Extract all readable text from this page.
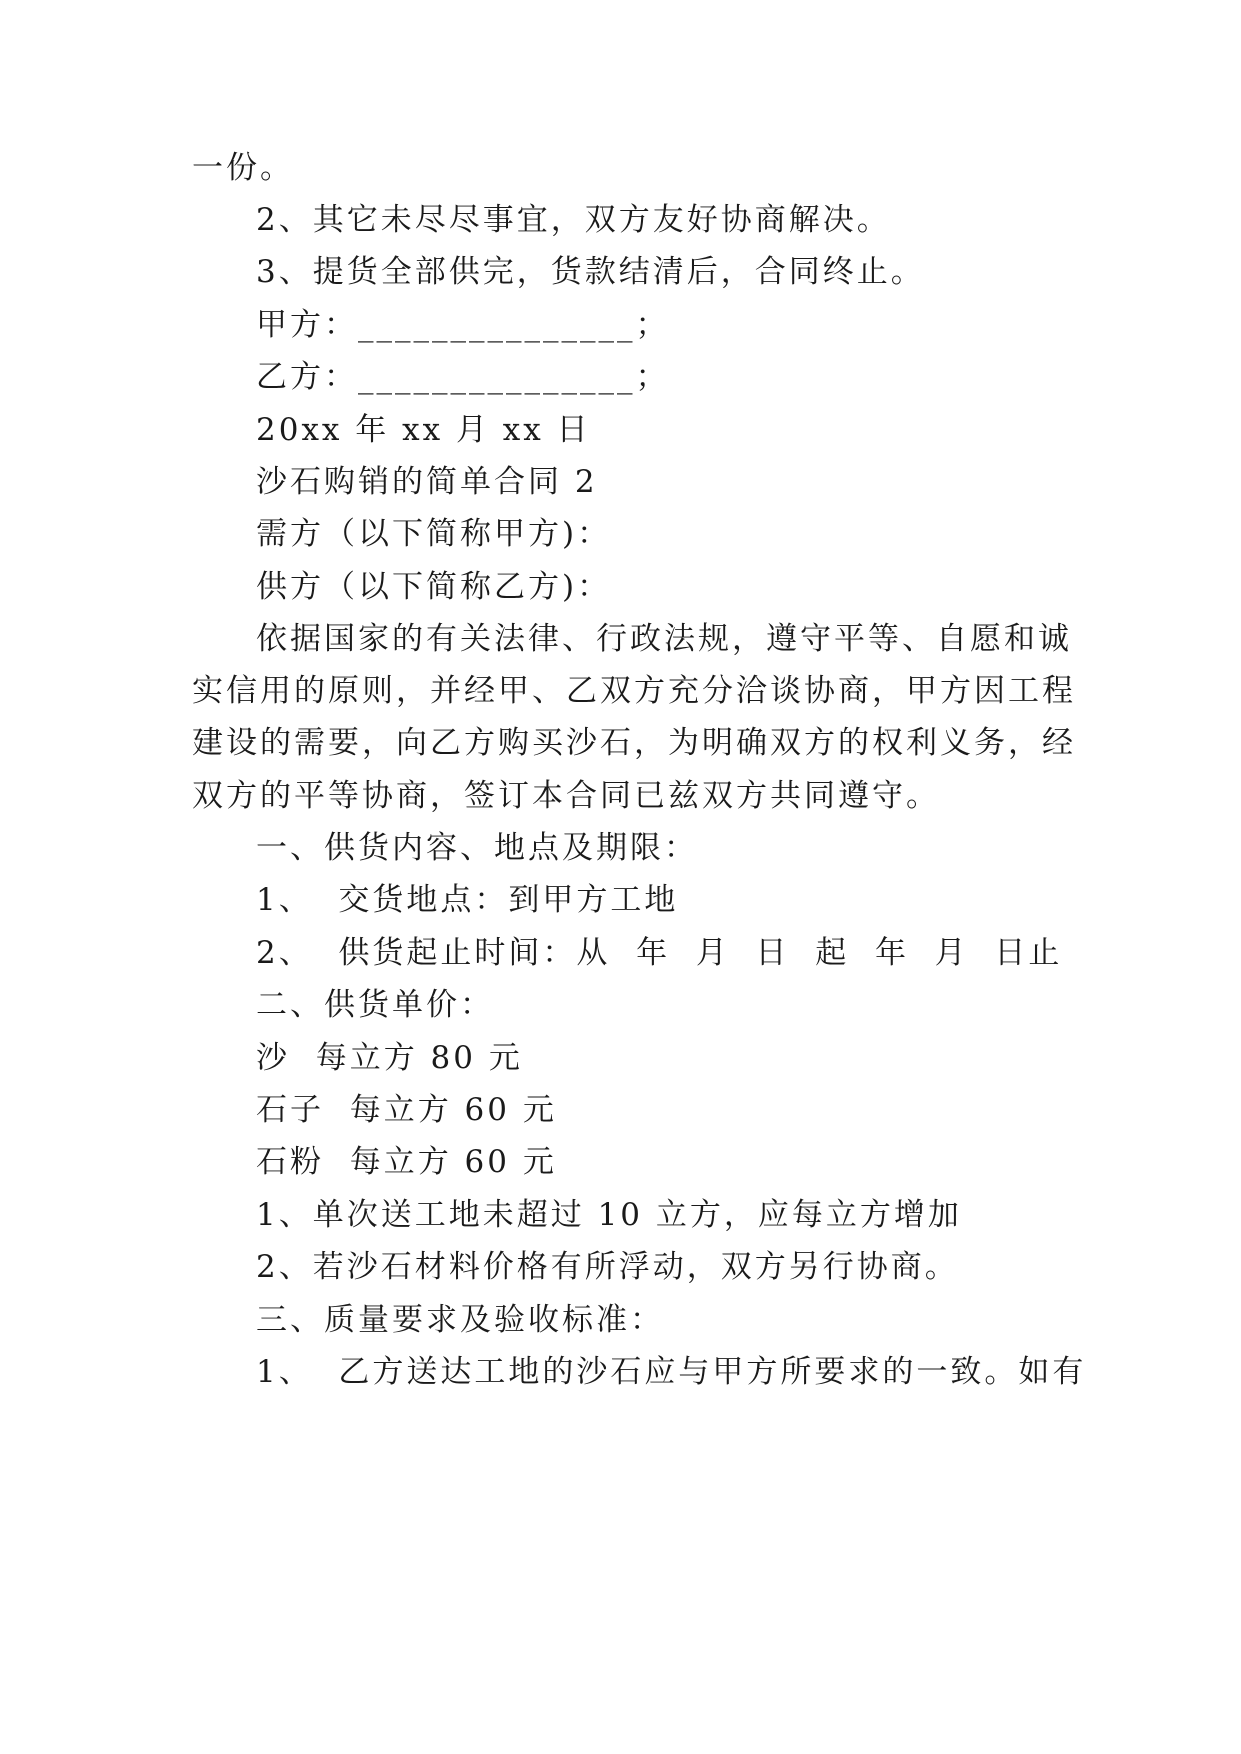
一份。
2、其它未尽尽事宜，双方友好协商解决。
3、提货全部供完，货款结清后，合同终止。
甲方：_______________；
乙方：_______________；
20xx 年 xx 月 xx 日
沙石购销的简单合同 2
需方（以下简称甲方)：
供方（以下简称乙方)：
依据国家的有关法律、行政法规，遵守平等、自愿和诚
实信用的原则，并经甲、乙双方充分洽谈协商，甲方因工程
建设的需要，向乙方购买沙石，为明确双方的权利义务，经
双方的平等协商，签订本合同已兹双方共同遵守。
一、供货内容、地点及期限：
1、  交货地点：到甲方工地
2、  供货起止时间：从  年  月  日  起  年  月  日止
二、供货单价：
沙  每立方 80 元
石子  每立方 60 元
石粉  每立方 60 元
1、单次送工地未超过 10 立方，应每立方增加
2、若沙石材料价格有所浮动，双方另行协商。
三、质量要求及验收标准：
1、  乙方送达工地的沙石应与甲方所要求的一致。如有
